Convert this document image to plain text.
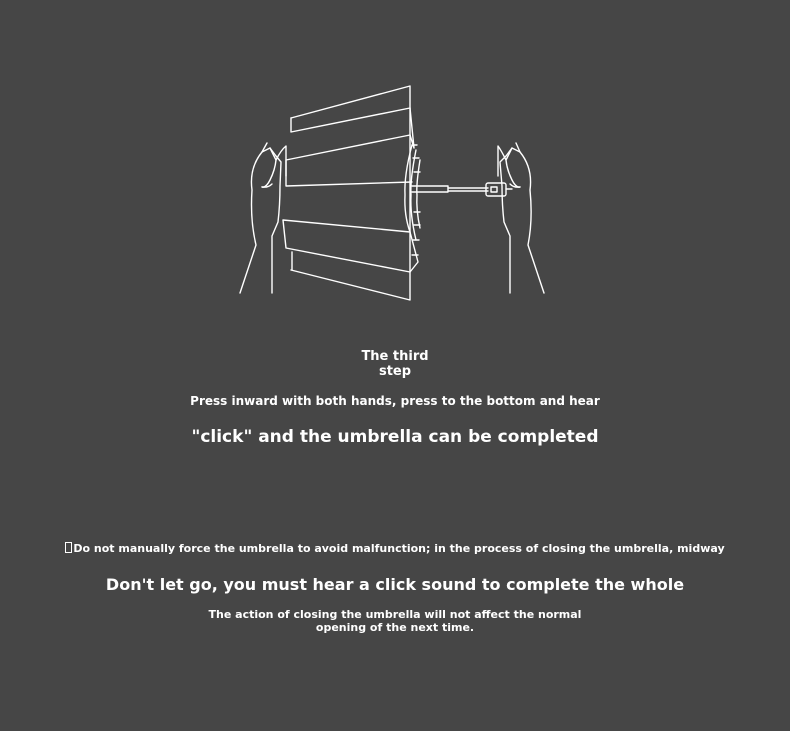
The third
step
Press inward with both hands, press to the bottom and hear
"click" and the umbrella can be completed
Do not manually force the umbrella to avoid malfunction; in the process of closing the umbrella, midway
Don't let go, you must hear a click sound to complete the whole
The action of closing the umbrella will not affect the normal
opening of the next time.
